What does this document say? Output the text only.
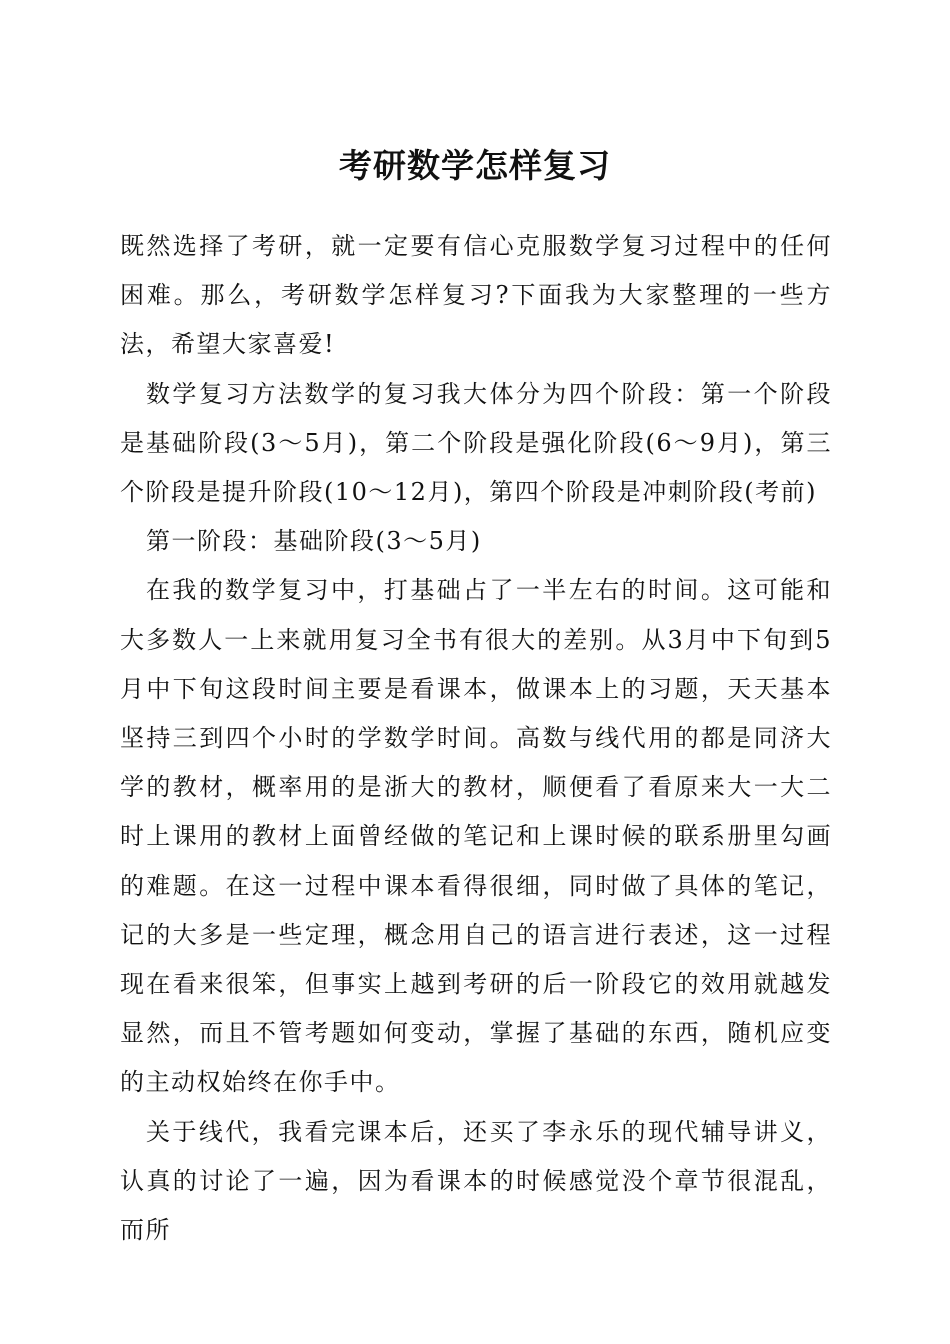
考研数学怎样复习

既然选择了考研，就一定要有信心克服数学复习过程中的任何困难。那么，考研数学怎样复习?下面我为大家整理的一些方法，希望大家喜爱!

数学复习方法数学的复习我大体分为四个阶段：第一个阶段是基础阶段(3～5月)，第二个阶段是强化阶段(6～9月)，第三个阶段是提升阶段(10～12月)，第四个阶段是冲刺阶段(考前)

第一阶段：基础阶段(3～5月)

在我的数学复习中，打基础占了一半左右的时间。这可能和大多数人一上来就用复习全书有很大的差别。从3月中下旬到5月中下旬这段时间主要是看课本，做课本上的习题，天天基本坚持三到四个小时的学数学时间。高数与线代用的都是同济大学的教材，概率用的是浙大的教材，顺便看了看原来大一大二时上课用的教材上面曾经做的笔记和上课时候的联系册里勾画的难题。在这一过程中课本看得很细，同时做了具体的笔记，记的大多是一些定理，概念用自己的语言进行表述，这一过程现在看来很笨，但事实上越到考研的后一阶段它的效用就越发显然，而且不管考题如何变动，掌握了基础的东西，随机应变的主动权始终在你手中。

关于线代，我看完课本后，还买了李永乐的现代辅导讲义，认真的讨论了一遍，因为看课本的时候感觉没个章节很混乱，而所
